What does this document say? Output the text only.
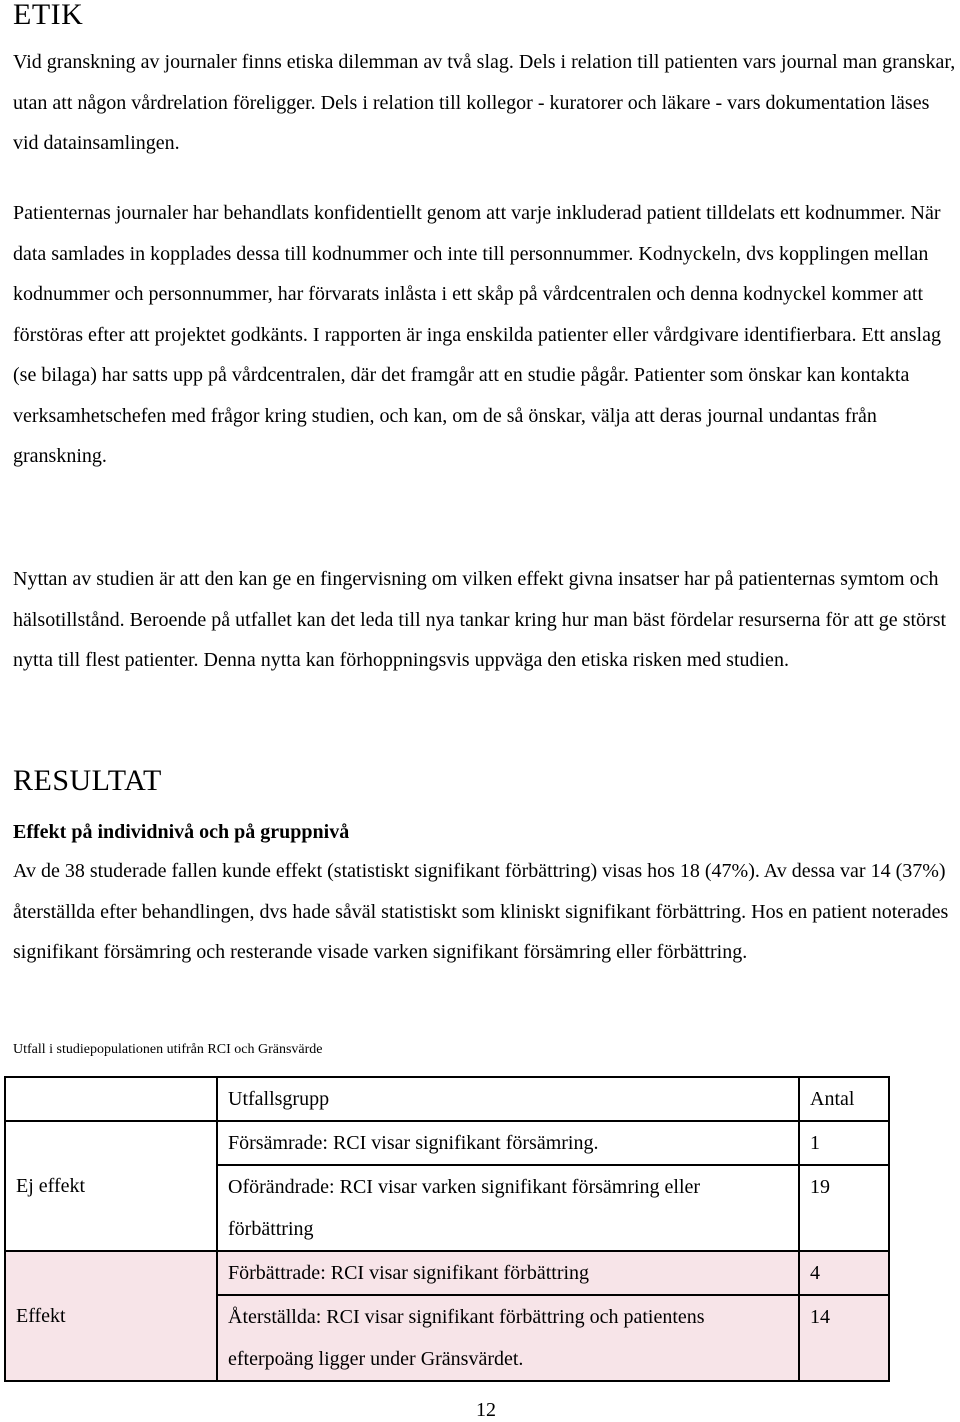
ETIK

Vid granskning av journaler finns etiska dilemman av två slag. Dels i relation till patienten vars journal man granskar, utan att någon vårdrelation föreligger. Dels i relation till kollegor - kuratorer och läkare - vars dokumentation läses vid datainsamlingen.

Patienternas journaler har behandlats konfidentiellt genom att varje inkluderad patient tilldelats ett kodnummer. När data samlades in kopplades dessa till kodnummer och inte till personnummer. Kodnyckeln, dvs kopplingen mellan kodnummer och personnummer, har förvarats inlåsta i ett skåp på vårdcentralen och denna kodnyckel kommer att förstöras efter att projektet godkänts. I rapporten är inga enskilda patienter eller vårdgivare identifierbara. Ett anslag (se bilaga) har satts upp på vårdcentralen, där det framgår att en studie pågår. Patienter som önskar kan kontakta verksamhetschefen med frågor kring studien, och kan, om de så önskar, välja att deras journal undantas från granskning.

Nyttan av studien är att den kan ge en fingervisning om vilken effekt givna insatser har på patienternas symtom och hälsotillstånd. Beroende på utfallet kan det leda till nya tankar kring hur man bäst fördelar resurserna för att ge störst nytta till flest patienter. Denna nytta kan förhoppningsvis uppväga den etiska risken med studien.

RESULTAT
Effekt på individnivå och på gruppnivå

Av de 38 studerade fallen kunde effekt (statistiskt signifikant förbättring) visas hos 18 (47%). Av dessa var 14 (37%) återställda efter behandlingen, dvs hade såväl statistiskt som kliniskt signifikant förbättring. Hos en patient noterades signifikant försämring och resterande visade varken signifikant försämring eller förbättring.

Utfall i studiepopulationen utifrån RCI och Gränsvärde

	Utfallsgrupp	Antal
Ej effekt	Försämrade: RCI visar signifikant försämring.	1
	Oförändrade: RCI visar varken signifikant försämring eller förbättring	19
Effekt	Förbättrade: RCI visar signifikant förbättring	4
	Återställda: RCI visar signifikant förbättring och patientens efterpoäng ligger under Gränsvärdet.	14
12
